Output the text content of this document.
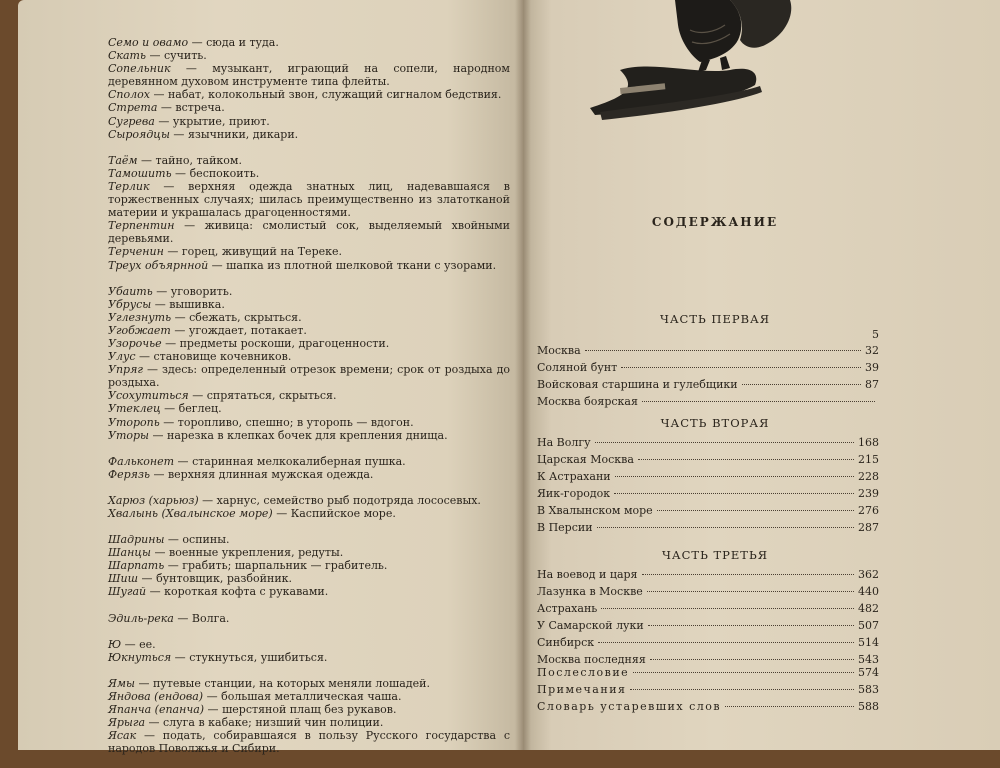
Семо и овамо — сюда и туда.
Скать — сучить.
Сопельник	— музыкант, играющий на сопели, народном деревянном духовом инструменте типа флейты.
Сполох — набат, колокольный звон, служащий сигналом бедствия.
Стрета — встреча.
Сугрева — укрытие, приют.
Сыроядцы — язычники, дикари.
Таём — тайно, тайком.
Тамошить — беспокоить.
Терлик	— верхняя одежда знатных лиц, надевавшаяся в торжественных случаях; шилась преимущественно из златотканой материи и украшалась драгоценностями.
Терпентин	— живица: смолистый сок, выделяемый хвойными деревьями.
Терченин — горец, живущий на Тереке.
Треух объярнной — шапка из плотной шелковой ткани с узорами.
Убаить — уговорить.
Убрусы — вышивка.
Углезнуть — сбежать, скрыться.
Угобжает — угождает, потакает.
Узорочье — предметы роскоши, драгоценности.
Улус — становище кочевников.
Упряг — здесь: определенный отрезок времени; срок от роздыха до роздыха.
Усохутиться — спрятаться, скрыться.
Утеклец — беглец.
Уторопь — торопливо, спешно; в уторопь — вдогон.
Уторы — нарезка в клепках бочек для крепления днища.
Фальконет — старинная мелкокалиберная пушка.
Ферязь — верхняя длинная мужская одежда.
Харюз (харьюз) — харнус, семейство рыб подотряда лососевых.
Хвалынь (Хвалынское море) — Каспийское море.
Шадрины — оспины.
Шанцы — военные укрепления, редуты.
Шарпать — грабить; шарпальник — грабитель.
Шиш — бунтовщик, разбойник.
Шугай — короткая кофта с рукавами.
Эдиль-река — Волга.
Ю — ее.
Юкнуться — стукнуться, ушибиться.
Ямы — путевые станции, на которых меняли лошадей.
Яндова (ендова) — большая металлическая чаша.
Япанча (епанча) — шерстяной плащ без рукавов.
Ярыга — слуга в кабаке; низший чин полиции.
Ясак — подать, собиравшаяся в пользу Русского государства с народов Поволжья и Сибири.
СОДЕРЖАНИЕ
ЧАСТЬ ПЕРВАЯ
5
Москва	32
Соляной бунт	39
Войсковая старшина и гулебщики	87
Москва боярская
ЧАСТЬ ВТОРАЯ
На Волгу	168
Царская Москва	215
К Астрахани	228
Яик-городок	239
В Хвалынском море	276
В Персии	287
ЧАСТЬ ТРЕТЬЯ
На воевод и царя	362
Лазунка в Москве	440
Астрахань	482
У Самарской луки	507
Синбирск	514
Москва последняя	543
Послесловие	574
Примечания	583
Словарь устаревших слов	588
